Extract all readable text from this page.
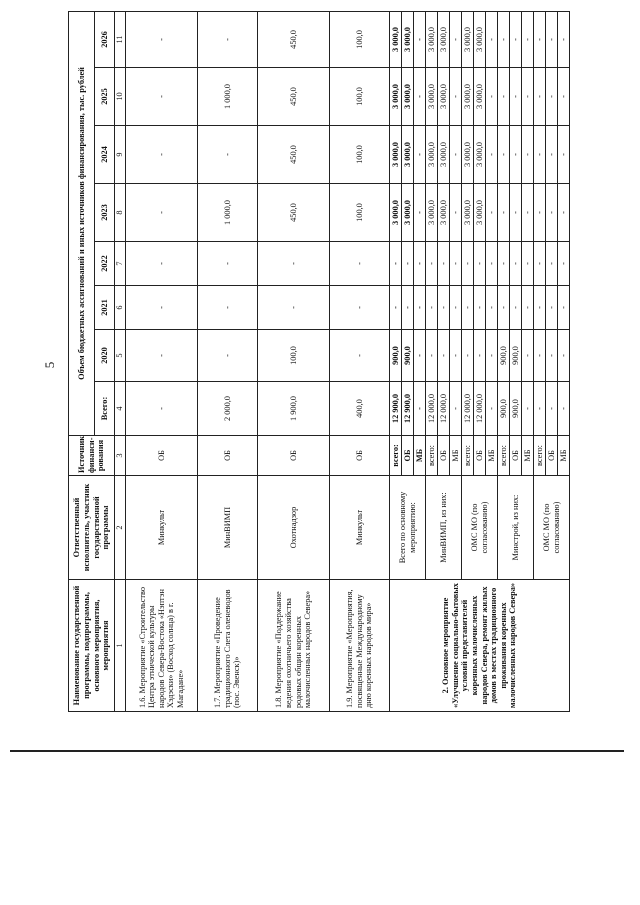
5
Наименование государственной программы, подпрограммы, основного мероприятия, мероприятия	Ответственный исполнитель, участник государственной программы	Источник финанси-рования	Объем бюджетных ассигнований и иных источников финансирования, тыс. рублей							
			Всего:	2020	2021	2022	2023	2024	2025	2026
1	2	3	4	5	6	7	8	9	10	11
1.6. Мероприятие «Строительство Центра этнической культуры народов Севера-Востока «Нэптэн Хэдэски» (Восход солнца) в г. Магадане»	Минкульт	ОБ	-	-	-	-	-	-	-	-
1.7. Мероприятие «Проведение традиционного Слета оленеводов (пос. Эвенск)»	МинВИМП	ОБ	2 000,0	-	-	-	1 000,0	-	1 000,0	-
1.8. Мероприятие «Поддержание ведения охотничьего хозяйства родовых общин коренных малочисленных народов Севера»	Охотнадзор	ОБ	1 900,0	100,0	-	-	450,0	450,0	450,0	450,0
1.9. Мероприятие «Мероприятия, посвященные Международному дню коренных народов мира»	Минкульт	ОБ	400,0	-	-	-	100,0	100,0	100,0	100,0
2. Основное мероприятие «Улучшение социально-бытовых условий представителей коренных малочисленных народов Севера, ремонт жилых домов в местах традиционного проживания коренных малочисленных народов Севера»	Всего по основному мероприятию:	всего:	12 900,0	900,0	-	-	3 000,0	3 000,0	3 000,0	3 000,0
		ОБ	12 900,0	900,0	-	-	3 000,0	3 000,0	3 000,0	3 000,0
		МБ	-	-	-	-	-	-	-	-
	МинВИМП, из них:	всего:	12 000,0	-	-	-	3 000,0	3 000,0	3 000,0	3 000,0
		ОБ	12 000,0	-	-	-	3 000,0	3 000,0	3 000,0	3 000,0
		МБ	-	-	-	-	-	-	-	-
	ОМС МО (по согласованию)	всего:	12 000,0	-	-	-	3 000,0	3 000,0	3 000,0	3 000,0
		ОБ	12 000,0	-	-	-	3 000,0	3 000,0	3 000,0	3 000,0
		МБ	-	-	-	-	-	-	-	-
	Минстрой, из них:	всего:	900,0	900,0	-	-	-	-	-	-
		ОБ	900,0	900,0	-	-	-	-	-	-
		МБ	-	-	-	-	-	-	-	-
	ОМС МО (по согласованию)	всего:	-	-	-	-	-	-	-	-
		ОБ	-	-	-	-	-	-	-	-
		МБ	-	-	-	-	-	-	-	-
